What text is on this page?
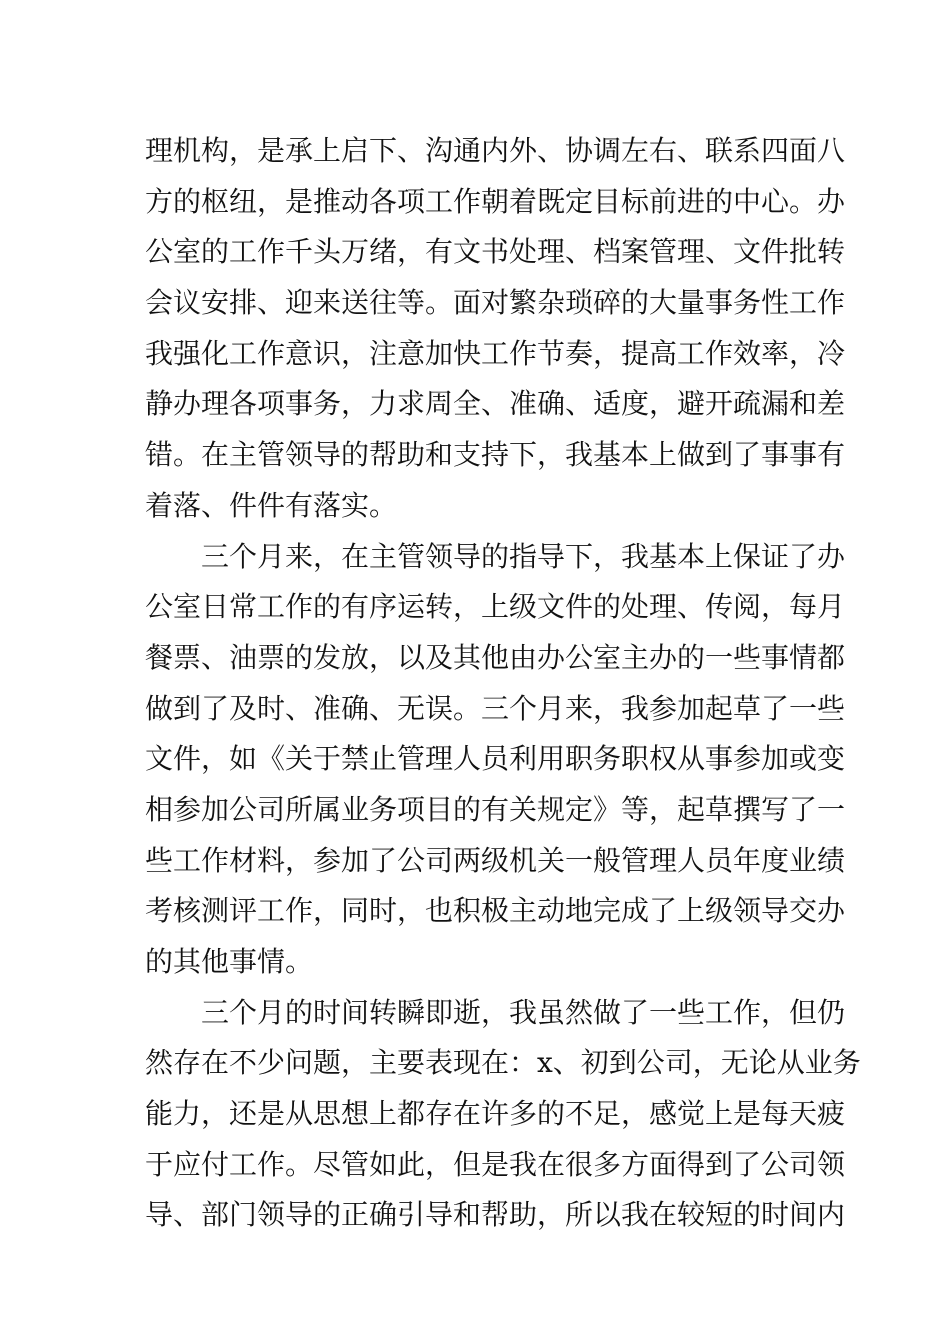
理机构，是承上启下、沟通内外、协调左右、联系四面八
方的枢纽，是推动各项工作朝着既定目标前进的中心。办
公室的工作千头万绪，有文书处理、档案管理、文件批转
会议安排、迎来送往等。面对繁杂琐碎的大量事务性工作
我强化工作意识，注意加快工作节奏，提高工作效率，冷
静办理各项事务，力求周全、准确、适度，避开疏漏和差
错。在主管领导的帮助和支持下，我基本上做到了事事有
着落、件件有落实。
三个月来，在主管领导的指导下，我基本上保证了办
公室日常工作的有序运转，上级文件的处理、传阅，每月
餐票、油票的发放，以及其他由办公室主办的一些事情都
做到了及时、准确、无误。三个月来，我参加起草了一些
文件，如《关于禁止管理人员利用职务职权从事参加或变
相参加公司所属业务项目的有关规定》等，起草撰写了一
些工作材料，参加了公司两级机关一般管理人员年度业绩
考核测评工作，同时，也积极主动地完成了上级领导交办
的其他事情。
三个月的时间转瞬即逝，我虽然做了一些工作，但仍
然存在不少问题，主要表现在：x、初到公司，无论从业务
能力，还是从思想上都存在许多的不足，感觉上是每天疲
于应付工作。尽管如此，但是我在很多方面得到了公司领
导、部门领导的正确引导和帮助，所以我在较短的时间内
